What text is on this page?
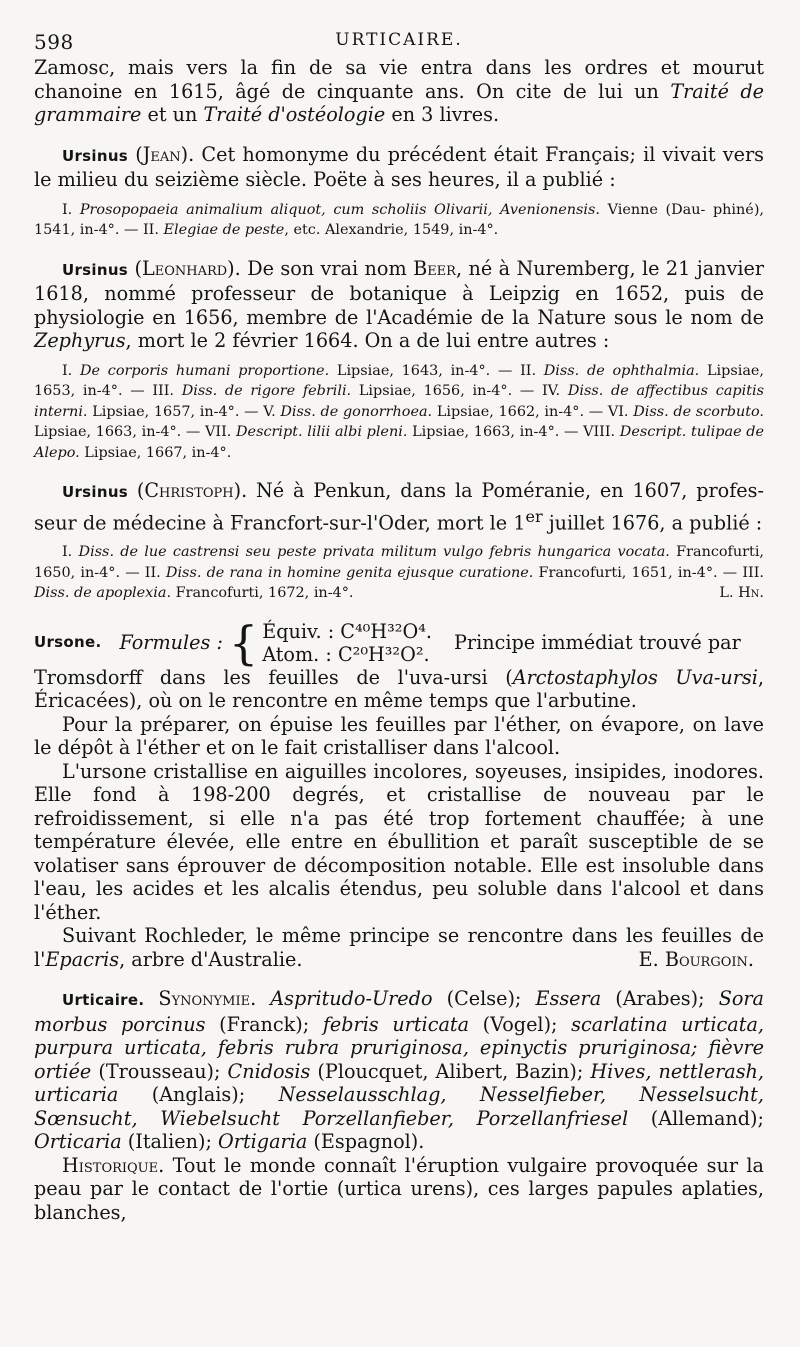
598	URTICAIRE.

Zamosc, mais vers la fin de sa vie entra dans les ordres et mourut chanoine en 1615, âgé de cinquante ans. On cite de lui un Traité de grammaire et un Traité d'ostéologie en 3 livres.

Ursinus (Jean). Cet homonyme du précédent était Français; il vivait vers le milieu du seizième siècle. Poëte à ses heures, il a publié :

I. Prosopopaeia animalium aliquot, cum scholiis Olivarii, Avenionensis. Vienne (Dau- phiné), 1541, in-4°. — II. Elegiae de peste, etc. Alexandrie, 1549, in-4°.

Ursinus (Leonhard). De son vrai nom Beer, né à Nuremberg, le 21 janvier 1618, nommé professeur de botanique à Leipzig en 1652, puis de physiologie en 1656, membre de l'Académie de la Nature sous le nom de Zephyrus, mort le 2 février 1664. On a de lui entre autres :

I. De corporis humani proportione. Lipsiae, 1643, in-4°. — II. Diss. de ophthalmia. Lipsiae, 1653, in-4°. — III. Diss. de rigore febrili. Lipsiae, 1656, in-4°. — IV. Diss. de affectibus capitis interni. Lipsiae, 1657, in-4°. — V. Diss. de gonorrhoea. Lipsiae, 1662, in-4°. — VI. Diss. de scorbuto. Lipsiae, 1663, in-4°. — VII. Descript. lilii albi pleni. Lipsiae, 1663, in-4°. — VIII. Descript. tulipae de Alepo. Lipsiae, 1667, in-4°.

Ursinus (Christoph). Né à Penkun, dans la Poméranie, en 1607, profes- seur de médecine à Francfort-sur-l'Oder, mort le 1er juillet 1676, a publié :

I. Diss. de lue castrensi seu peste privata militum vulgo febris hungarica vocata. Francofurti, 1650, in-4°. — II. Diss. de rana in homine genita ejusque curatione. Francofurti, 1651, in-4°. — III. Diss. de apoplexia. Francofurti, 1672, in-4°.	L. Hn.

Ursone. Formules : { Équiv. : C⁴⁰H³²O⁴.
Atom. : C²⁰H³²O². Principe immédiat trouvé par

Tromsdorff dans les feuilles de l'uva-ursi (Arctostaphylos Uva-ursi, Éricacées), où on le rencontre en même temps que l'arbutine.

Pour la préparer, on épuise les feuilles par l'éther, on évapore, on lave le dépôt à l'éther et on le fait cristalliser dans l'alcool.

L'ursone cristallise en aiguilles incolores, soyeuses, insipides, inodores. Elle fond à 198-200 degrés, et cristallise de nouveau par le refroidissement, si elle n'a pas été trop fortement chauffée; à une température élevée, elle entre en ébullition et paraît susceptible de se volatiser sans éprouver de décomposition notable. Elle est insoluble dans l'eau, les acides et les alcalis étendus, peu soluble dans l'alcool et dans l'éther.

Suivant Rochleder, le même principe se rencontre dans les feuilles de l'Epacris, arbre d'Australie.	E. Bourgoin.

Urticaire. Synonymie. Aspritudo-Uredo (Celse); Essera (Arabes); Sora morbus porcinus (Franck); febris urticata (Vogel); scarlatina urticata, purpura urticata, febris rubra pruriginosa, epinyctis pruriginosa; fièvre ortiée (Trousseau); Cnidosis (Ploucquet, Alibert, Bazin); Hives, nettlerash, urticaria (Anglais); Nesselausschlag, Nesselfieber, Nesselsucht, Sœnsucht, Wiebelsucht Porzellanfieber, Porzellanfriesel (Allemand); Orticaria (Italien); Ortigaria (Espagnol).

Historique. Tout le monde connaît l'éruption vulgaire provoquée sur la peau par le contact de l'ortie (urtica urens), ces larges papules aplaties, blanches,
